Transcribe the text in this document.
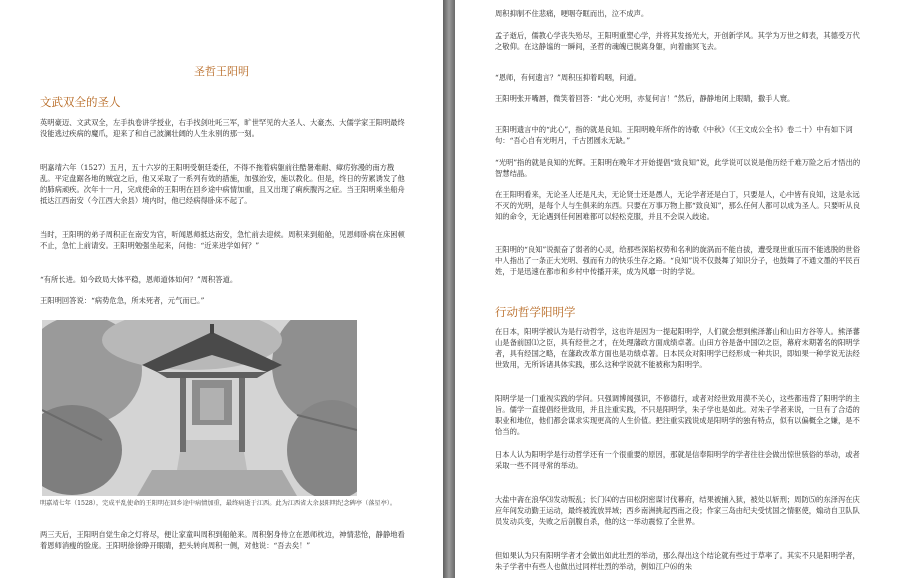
圣哲王阳明
文武双全的圣人

英明豪迈、文武双全，左手执卷讲学授业，右手找剑吐吒三军，旷世罕见的大圣人、大豪杰、大儒学家王阳明最终没能逃过疾病的魔爪，迎来了和自己波澜壮阔的人生永别的那一刻。

明嘉靖六年（1527）五月，五十六岁的王阳明受朝廷委任，不得不拖着病躯前往酷暑难耐、瘴疠弥漫的南方戡乱。平定盘踞各地的贼寇之后，他又采取了一系列有效的措施，加强治安，施以教化。但是，终日的劳累诱发了他的肺病顽疾。次年十一月，完成使命的王阳明在回乡途中病情加重，且又出现了痢疾腹泻之症。当王阳明乘坐船舟抵达江西南安（今江西大余县）境内时，他已经病得卧床不起了。

当时，王阳明的弟子周积正在南安为官，听闻恩师抵达南安，急忙前去迎候。周积来到船舱，见恩师卧病在床困顿不止，急忙上前请安。王阳明勉强坐起来，问他：“近来进学如何？”

“有所长进。如今政局大体平稳，恩师道体如何？”周积答道。

王阳明回答说：“病势危急，所未死者，元气而已。”

明嘉靖七年（1528），完成平乱使命的王阳明在回乡途中病情加重，最终病逝于江西。此为江西省大余县阳明纪念碑亭（落星亭）。

两三天后，王阳明自觉生命之灯将尽，便让家童叫周积到船舱来。周积躬身侍立在恩师枕边，神情悲怆，静静地看着恩师消瘦的脸庞。王阳明徐徐睁开眼睛，把头转向周积一侧，对他说：“吾去矣！”

周积抑制不住悲痛，哽咽夺眶而出，泣不成声。

孟子逝后，儒教心学丧失殆尽，王阳明重塑心学，并将其发扬光大，开创新学风。其学为万世之师表，其德受万代之敬仰。在这静谧的一瞬间，圣哲的魂魄已脱离身躯，向着幽冥飞去。

“恩师，有何遗言？”周积压抑着呜咽，问道。

王阳明张开嘴唇，微笑着回答：“此心光明，亦复何言！”然后，静静地闭上眼睛，撒手人寰。

王阳明遗言中的“此心”，指的就是良知。王阳明晚年所作的诗歌《中秋》（《王文成公全书》卷二十）中有如下词句：“吾心自有光明月，千古团圆永无缺。”

“光明”指的就是良知的光辉。王阳明在晚年才开始提倡“致良知”说，此学说可以说是他历经千难万险之后才悟出的智慧结晶。

在王阳明看来，无论圣人还是凡夫，无论贤士还是愚人，无论学者还是白丁，只要是人，心中皆有良知，这是永远不灭的光明，是每个人与生俱来的东西。只要在万事万物上都“致良知”，那么任何人都可以成为圣人。只要听从良知的命令，无论遇到任何困难都可以轻松克服，并且不会误入歧途。

王阳明的“良知”说振奋了弱者的心灵，给那些深陷权势和名利的旋涡而不能自拔，遭受现世重压而不能逃脱的世俗中人指出了一条正大光明、强而有力的快乐生存之路。“良知”说不仅鼓舞了知识分子，也鼓舞了不通文墨的平民百姓，于是迅速在都市和乡村中传播开来，成为风靡一时的学说。

行动哲学阳明学

在日本，阳明学被认为是行动哲学，这也许是因为一提起阳明学，人们就会想到熊泽蕃山和山田方谷等人。熊泽蕃山是备前国⑴之臣，具有经世之才，在处理藩政方面成绩卓著。山田方谷是备中国⑵之臣，幕府末期著名的阳明学者，具有经国之略，在藩政改革方面也是功绩卓著。日本民众对阳明学已经形成一种共识，即如果一种学说无法经世致用，无所诉诸具体实践，那么这种学说就不能被称为阳明学。

阳明学是一门重视实践的学问。只强调博闻强识，不修德行，或者对经世致用漠不关心，这些都违背了阳明学的主旨。儒学一直提倡经世致用，并且注重实践，不只是阳明学，朱子学也是如此。对朱子学者来说，一旦有了合适的职业和地位，他们都会谋求实现更高的人生价值。把注重实践说成是阳明学的独有特点，似有以偏概全之嫌，是不恰当的。

日本人认为阳明学是行动哲学还有一个很重要的原因，那就是信奉阳明学的学者往往会做出惊世骇俗的举动，或者采取一些不同寻常的举动。

大盐中斋在浪华⑶发动叛乱；长门⑷的吉田松阴密谋讨伐幕府，结果被捕入狱，被处以斩刑；周防⑸的东泽泻在庆应年间发动勤王运动，最终被流放异域；西乡南洲挑起西南之役；作家三岛由纪夫受忧国之情驱使，煽动自卫队队员发动兵变，失败之后剖腹自杀，他的这一举动震惊了全世界。

但如果认为只有阳明学者才会做出如此壮烈的举动，那么得出这个结论就有些过于草率了。其实不只是阳明学者，朱子学者中有些人也做出过同样壮烈的举动，例如江户⑹的朱
